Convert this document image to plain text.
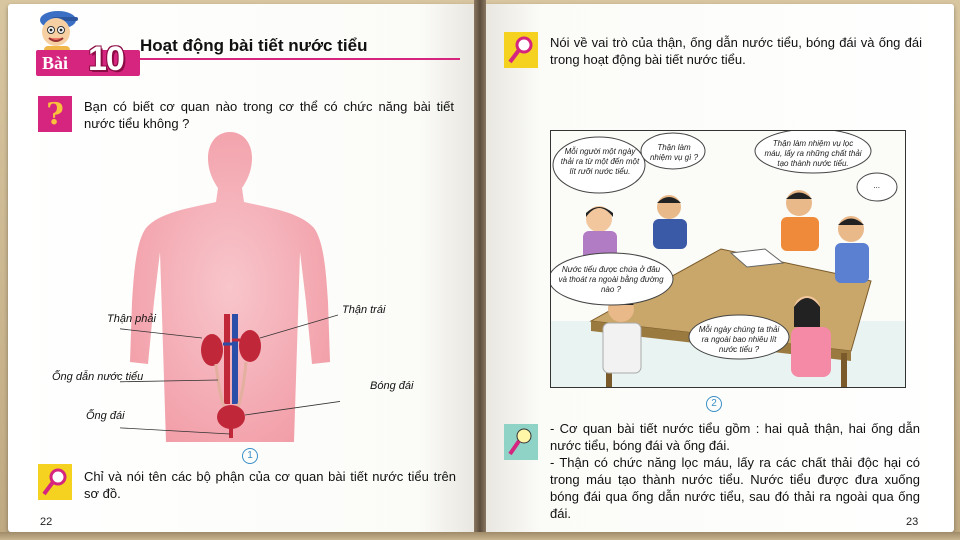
Bài 10 Hoạt động bài tiết nước tiểu
? Bạn có biết cơ quan nào trong cơ thể có chức năng bài tiết nước tiểu không ?
Thận phải
Thận trái
Ống dẫn nước tiểu
Bóng đái
Ống đái
1
Chỉ và nói tên các bộ phận của cơ quan bài tiết nước tiểu trên sơ đồ.
22
Nói về vai trò của thận, ống dẫn nước tiểu, bóng đái và ống đái trong hoạt động bài tiết nước tiểu.
Mỗi người một ngày thải ra từ một đến một lít rưỡi nước tiểu.
Thận làm nhiệm vụ gì ?
Thận làm nhiệm vụ lọc máu, lấy ra những chất thải tạo thành nước tiểu.
...
Nước tiểu được chứa ở đâu và thoát ra ngoài bằng đường nào ?
Mỗi ngày chúng ta thải ra ngoài bao nhiêu lít nước tiểu ?
2
- Cơ quan bài tiết nước tiểu gồm : hai quả thận, hai ống dẫn nước tiểu, bóng đái và ống đái.
- Thận có chức năng lọc máu, lấy ra các chất thải độc hại có trong máu tạo thành nước tiểu. Nước tiểu được đưa xuống bóng đái qua ống dẫn nước tiểu, sau đó thải ra ngoài qua ống đái.
23
